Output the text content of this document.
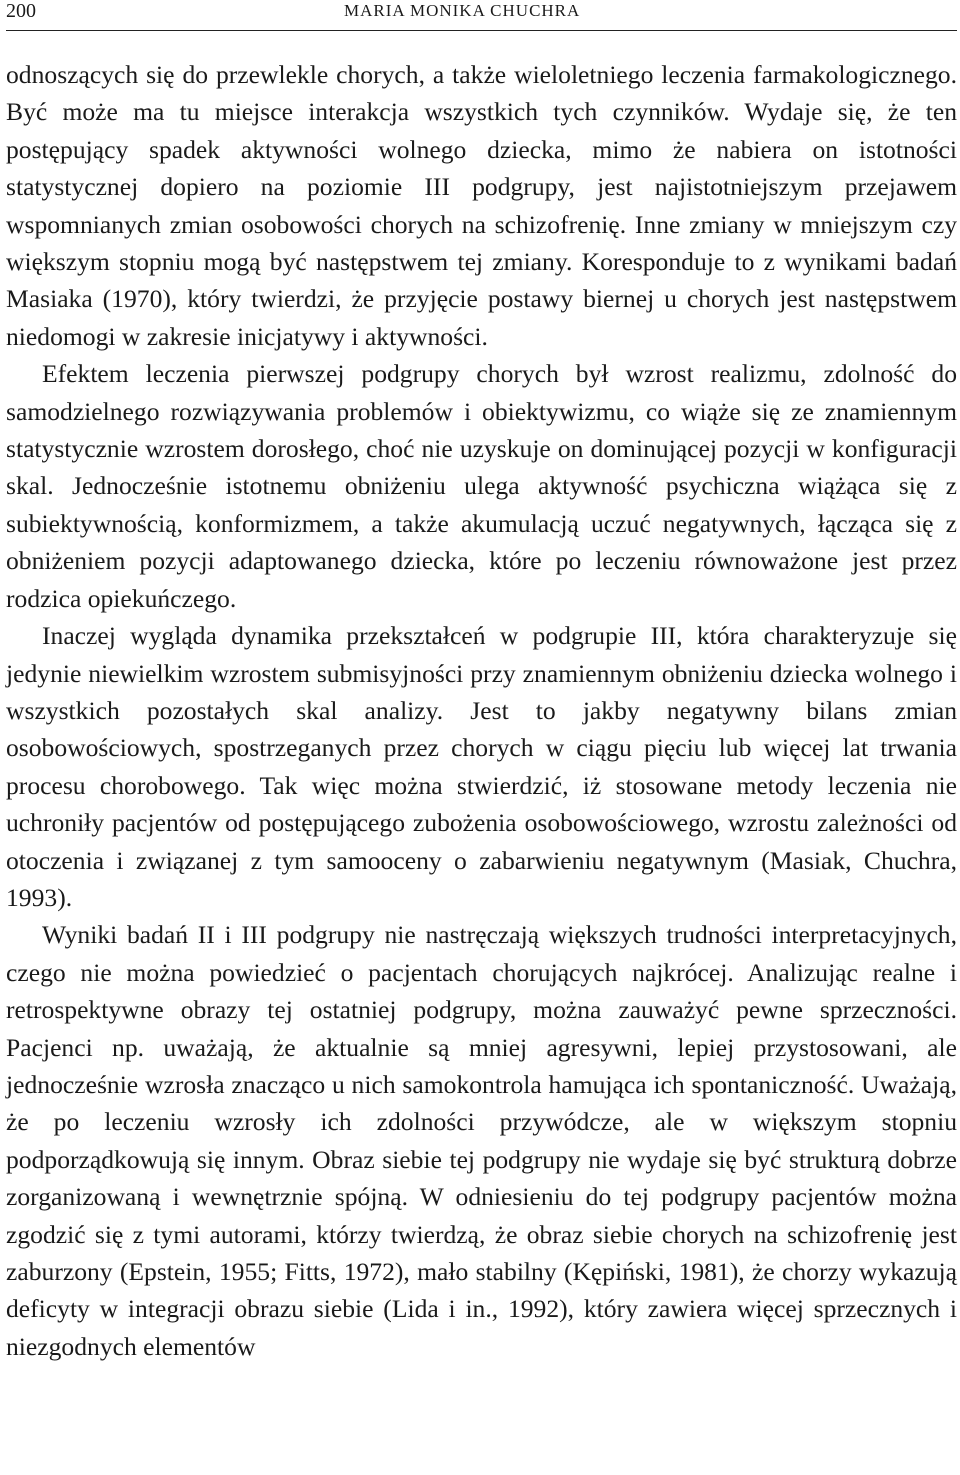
200	MARIA MONIKA CHUCHRA

odnoszących się do przewlekle chorych, a także wieloletniego leczenia farmakologicznego. Być może ma tu miejsce interakcja wszystkich tych czynników. Wydaje się, że ten postępujący spadek aktywności wolnego dziecka, mimo że nabiera on istotności statystycznej dopiero na poziomie III podgrupy, jest najistotniejszym przejawem wspomnianych zmian osobowości chorych na schizofrenię. Inne zmiany w mniejszym czy większym stopniu mogą być następstwem tej zmiany. Koresponduje to z wynikami badań Masiaka (1970), który twierdzi, że przyjęcie postawy biernej u chorych jest następstwem niedomogi w zakresie inicjatywy i aktywności.

Efektem leczenia pierwszej podgrupy chorych był wzrost realizmu, zdolność do samodzielnego rozwiązywania problemów i obiektywizmu, co wiąże się ze znamiennym statystycznie wzrostem dorosłego, choć nie uzyskuje on dominującej pozycji w konfiguracji skal. Jednocześnie istotnemu obniżeniu ulega aktywność psychiczna wiążąca się z subiektywnością, konformizmem, a także akumulacją uczuć negatywnych, łącząca się z obniżeniem pozycji adaptowanego dziecka, które po leczeniu równoważone jest przez rodzica opiekuńczego.

Inaczej wygląda dynamika przekształceń w podgrupie III, która charakteryzuje się jedynie niewielkim wzrostem submisyjności przy znamiennym obniżeniu dziecka wolnego i wszystkich pozostałych skal analizy. Jest to jakby negatywny bilans zmian osobowościowych, spostrzeganych przez chorych w ciągu pięciu lub więcej lat trwania procesu chorobowego. Tak więc można stwierdzić, iż stosowane metody leczenia nie uchroniły pacjentów od postępującego zubożenia osobowościowego, wzrostu zależności od otoczenia i związanej z tym samooceny o zabarwieniu negatywnym (Masiak, Chuchra, 1993).

Wyniki badań II i III podgrupy nie nastręczają większych trudności interpretacyjnych, czego nie można powiedzieć o pacjentach chorujących najkrócej. Analizując realne i retrospektywne obrazy tej ostatniej podgrupy, można zauważyć pewne sprzeczności. Pacjenci np. uważają, że aktualnie są mniej agresywni, lepiej przystosowani, ale jednocześnie wzrosła znacząco u nich samokontrola hamująca ich spontaniczność. Uważają, że po leczeniu wzrosły ich zdolności przywódcze, ale w większym stopniu podporządkowują się innym. Obraz siebie tej podgrupy nie wydaje się być strukturą dobrze zorganizowaną i wewnętrznie spójną. W odniesieniu do tej podgrupy pacjentów można zgodzić się z tymi autorami, którzy twierdzą, że obraz siebie chorych na schizofrenię jest zaburzony (Epstein, 1955; Fitts, 1972), mało stabilny (Kępiński, 1981), że chorzy wykazują deficyty w integracji obrazu siebie (Lida i in., 1992), który zawiera więcej sprzecznych i niezgodnych elementów
